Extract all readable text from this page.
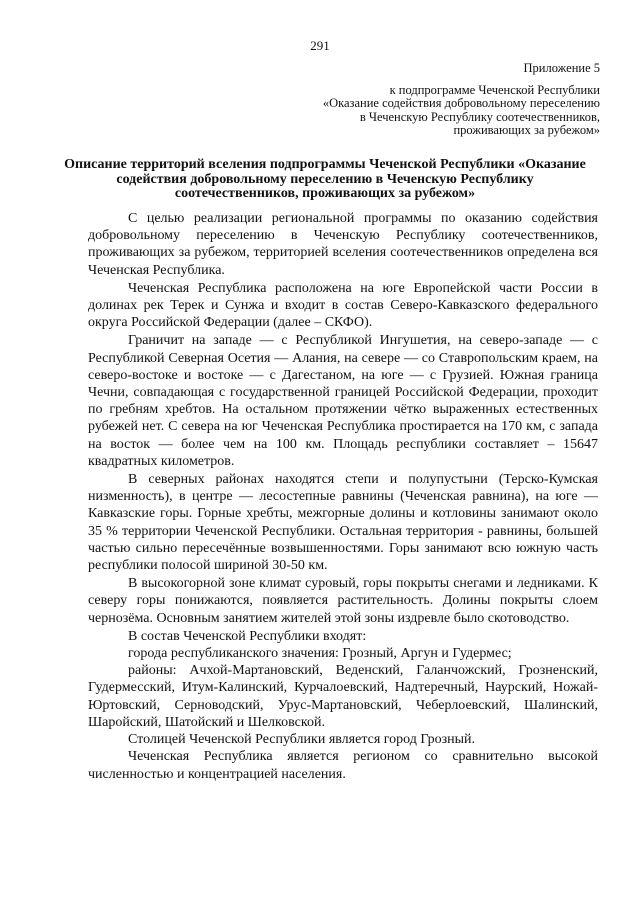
291
Приложение 5
к подпрограмме Чеченской Республики
«Оказание содействия добровольному переселению
в Чеченскую Республику соотечественников,
проживающих за рубежом»
Описание территорий вселения подпрограммы Чеченской Республики «Оказание содействия добровольному переселению в Чеченскую Республику соотечественников, проживающих за рубежом»

С целью реализации региональной программы по оказанию содействия добровольному переселению в Чеченскую Республику соотечественников, проживающих за рубежом, территорией вселения соотечественников определена вся Чеченская Республика.

Чеченская Республика расположена на юге Европейской части России в долинах рек Терек и Сунжа и входит в состав Северо-Кавказского федерального округа Российской Федерации (далее – СКФО).

Граничит на западе — с Республикой Ингушетия, на северо-западе — с Республикой Северная Осетия — Алания, на севере — со Ставропольским краем, на северо-востоке и востоке — с Дагестаном, на юге — с Грузией. Южная граница Чечни, совпадающая с государственной границей Российской Федерации, проходит по гребням хребтов. На остальном протяжении чётко выраженных естественных рубежей нет. С севера на юг Чеченская Республика простирается на 170 км, с запада на восток — более чем на 100 км. Площадь республики составляет – 15647 квадратных километров.

В северных районах находятся степи и полупустыни (Терско-Кумская низменность), в центре — лесостепные равнины (Чеченская равнина), на юге — Кавказские горы. Горные хребты, межгорные долины и котловины занимают около 35 % территории Чеченской Республики. Остальная территория - равнины, большей частью сильно пересечённые возвышенностями. Горы занимают всю южную часть республики полосой шириной 30-50 км.

В высокогорной зоне климат суровый, горы покрыты снегами и ледниками. К северу горы понижаются, появляется растительность. Долины покрыты слоем чернозёма. Основным занятием жителей этой зоны издревле было скотоводство.

В состав Чеченской Республики входят:

города республиканского значения: Грозный, Аргун и Гудермес;

районы: Ачхой-Мартановский, Веденский, Галанчожский, Грозненский, Гудермесский, Итум-Калинский, Курчалоевский, Надтеречный, Наурский, Ножай-Юртовский, Серноводский, Урус-Мартановский, Чеберлоевский, Шалинский, Шаройский, Шатойский и Шелковской.

Столицей Чеченской Республики является город Грозный.

Чеченская Республика является регионом со сравнительно высокой численностью и концентрацией населения.
